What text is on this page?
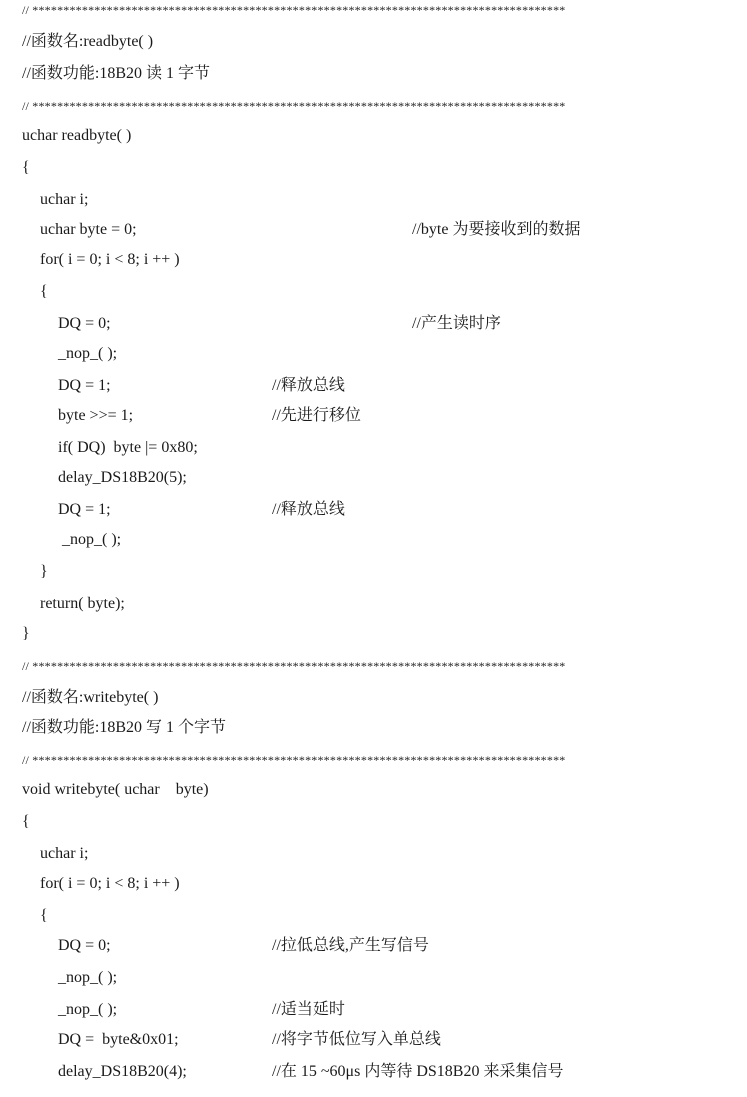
// **************************************************************************************
//函数名:readbyte( )
//函数功能:18B20 读 1 字节
// **************************************************************************************
uchar readbyte( )
{
uchar i;
uchar byte = 0;	//byte 为要接收到的数据
for( i = 0; i < 8; i ++ )
{
DQ = 0;	//产生读时序
_nop_( );
DQ = 1;	//释放总线
byte >>= 1;	//先进行移位
if( DQ)  byte |= 0x80;
delay_DS18B20(5);
DQ = 1;	//释放总线
_nop_( );
}
return( byte);
}
// **************************************************************************************
//函数名:writebyte( )
//函数功能:18B20 写 1 个字节
// **************************************************************************************
void writebyte( uchar    byte)
{
uchar i;
for( i = 0; i < 8; i ++ )
{
DQ = 0;	//拉低总线,产生写信号
_nop_( );
_nop_( );	//适当延时
DQ =  byte&0x01;	//将字节低位写入单总线
delay_DS18B20(4);	//在 15 ~60μs 内等待 DS18B20 来采集信号
